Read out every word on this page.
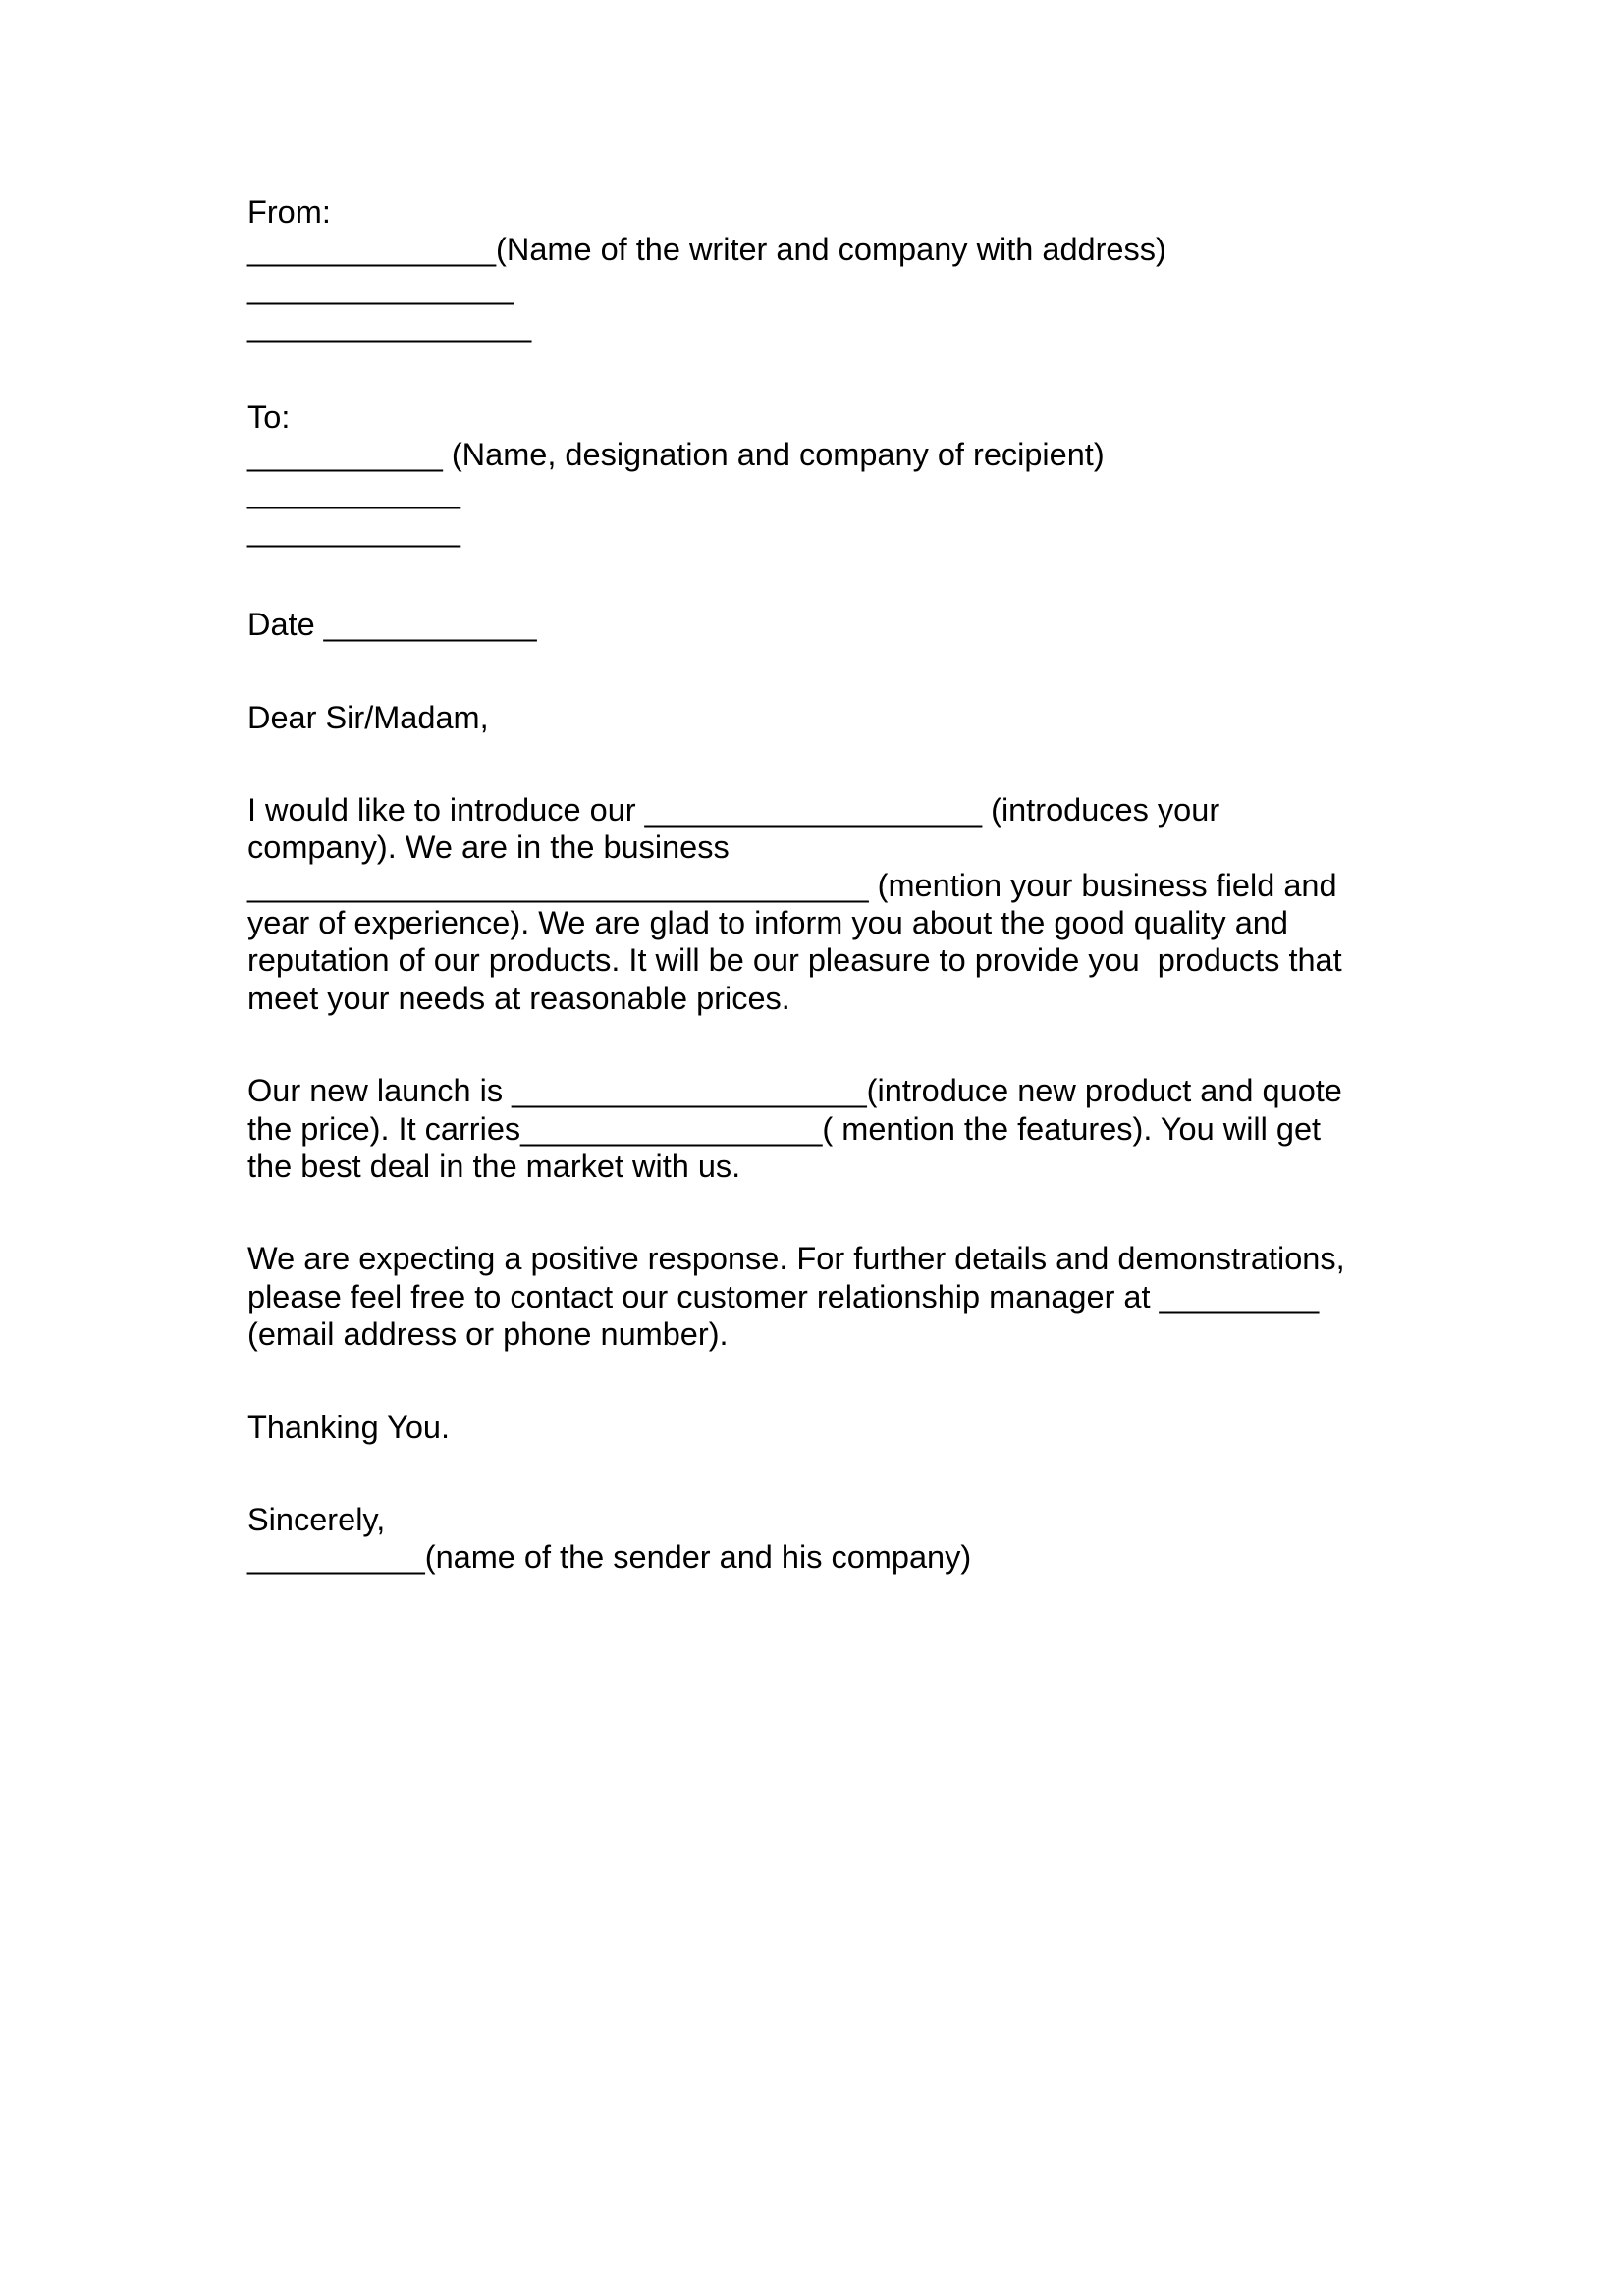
From:
______________(Name of the writer and company with address)
_______________
________________
To:
___________ (Name, designation and company of recipient)
____________
____________
Date ____________
Dear Sir/Madam,
I would like to introduce our ___________________ (introduces your
company). We are in the business
___________________________________ (mention your business field and
year of experience). We are glad to inform you about the good quality and
reputation of our products. It will be our pleasure to provide you  products that
meet your needs at reasonable prices.
Our new launch is ____________________(introduce new product and quote
the price). It carries_________________( mention the features). You will get
the best deal in the market with us.
We are expecting a positive response. For further details and demonstrations,
please feel free to contact our customer relationship manager at _________
(email address or phone number).
Thanking You.
Sincerely,
__________(name of the sender and his company)
